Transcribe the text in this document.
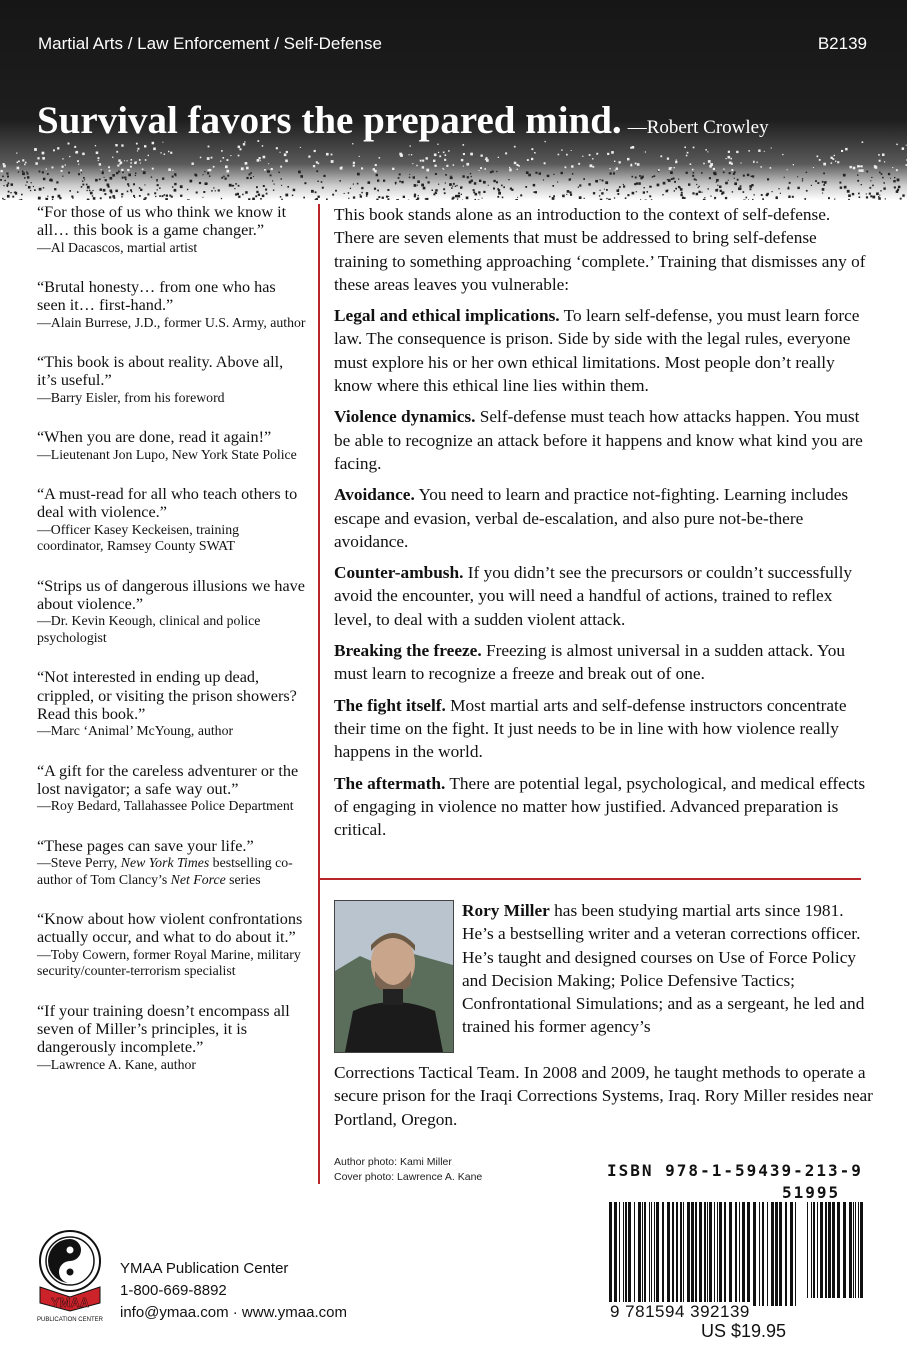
Martial Arts / Law Enforcement / Self-Defense	B2139
Survival favors the prepared mind. —Robert Crowley
“For those of us who think we know it all… this book is a game changer.”
—Al Dacascos, martial artist
“Brutal honesty… from one who has seen it… first-hand.”
—Alain Burrese, J.D., former U.S. Army, author
“This book is about reality. Above all, it’s useful.”
—Barry Eisler, from his foreword
“When you are done, read it again!”
—Lieutenant Jon Lupo, New York State Police
“A must-read for all who teach others to deal with violence.”
—Officer Kasey Keckeisen, training coordinator, Ramsey County SWAT
“Strips us of dangerous illusions we have about violence.”
—Dr. Kevin Keough, clinical and police psychologist
“Not interested in ending up dead, crippled, or visiting the prison showers? Read this book.”
—Marc ‘Animal’ McYoung, author
“A gift for the careless adventurer or the lost navigator; a safe way out.”
—Roy Bedard, Tallahassee Police Department
“These pages can save your life.”
—Steve Perry, New York Times bestselling co-author of Tom Clancy’s Net Force series
“Know about how violent confrontations actually occur, and what to do about it.”
—Toby Cowern, former Royal Marine, military security/counter-terrorism specialist
“If your training doesn’t encompass all seven of Miller’s principles, it is dangerously incomplete.”
—Lawrence A. Kane, author

This book stands alone as an introduction to the context of self-defense. There are seven elements that must be addressed to bring self-defense training to something approaching ‘complete.’ Training that dismisses any of these areas leaves you vulnerable:

Legal and ethical implications. To learn self-defense, you must learn force law. The consequence is prison. Side by side with the legal rules, everyone must explore his or her own ethical limitations. Most people don’t really know where this ethical line lies within them.

Violence dynamics. Self-defense must teach how attacks happen. You must be able to recognize an attack before it happens and know what kind you are facing.

Avoidance. You need to learn and practice not-fighting. Learning includes escape and evasion, verbal de-escalation, and also pure not-be-there avoidance.

Counter-ambush. If you didn’t see the precursors or couldn’t successfully avoid the encounter, you will need a handful of actions, trained to reflex level, to deal with a sudden violent attack.

Breaking the freeze. Freezing is almost universal in a sudden attack. You must learn to recognize a freeze and break out of one.

The fight itself. Most martial arts and self-defense instructors concentrate their time on the fight. It just needs to be in line with how violence really happens in the world.

The aftermath. There are potential legal, psychological, and medical effects of engaging in violence no matter how justified. Advanced preparation is critical.

Rory Miller has been studying martial arts since 1981. He’s a bestselling writer and a veteran corrections officer. He’s taught and designed courses on Use of Force Policy and Decision Making; Police Defensive Tactics; Confrontational Simulations; and as a sergeant, he led and trained his former agency’s
Corrections Tactical Team. In 2008 and 2009, he taught methods to operate a secure prison for the Iraqi Corrections Systems, Iraq. Rory Miller resides near Portland, Oregon.
Author photo: Kami Miller
Cover photo: Lawrence A. Kane	ISBN 978-1-59439-213-9
51995
9 781594 392139
US $19.95
YMAA
PUBLICATION CENTER
YMAA Publication Center
1-800-669-8892
info@ymaa.com · www.ymaa.com
